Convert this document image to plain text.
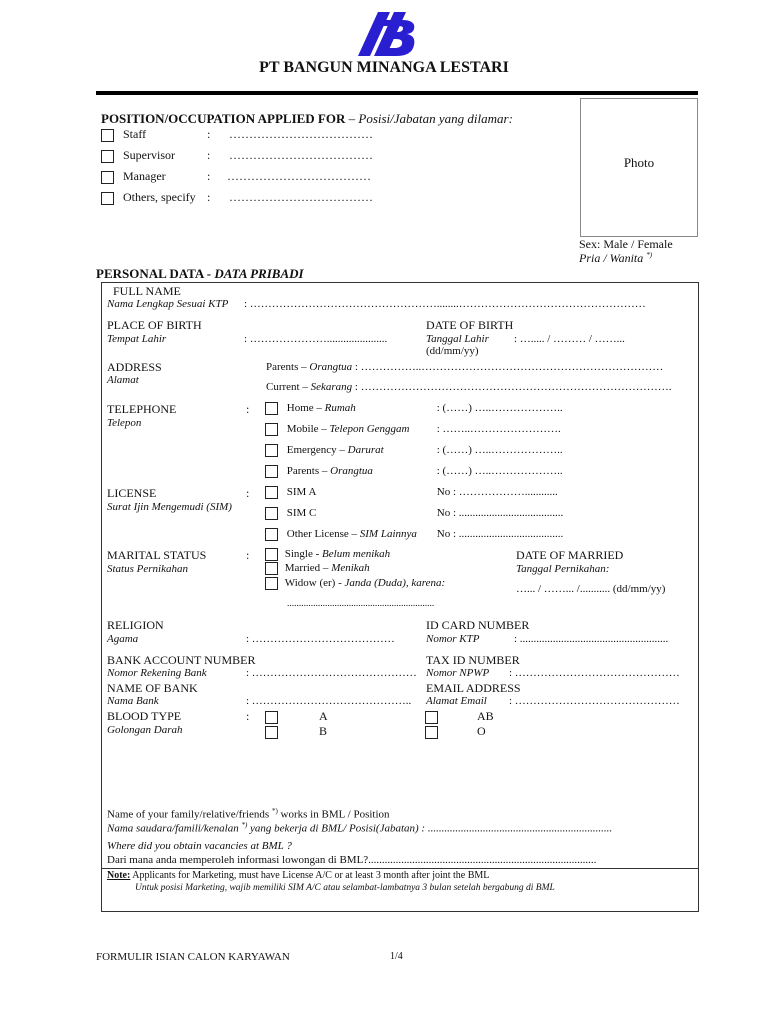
PT BANGUN MINANGA LESTARI
POSITION/OCCUPATION APPLIED FOR – Posisi/Jabatan yang dilamar:
Staff	: ………………………………
Supervisor	: ………………………………
Manager	: ………………………………
Others, specify : ………………………………
Photo
Sex: Male / Female
Pria / Wanita *)
PERSONAL DATA - DATA PRIBADI
FULL NAME
Nama Lengkap Sesuai KTP : ……………………………………………........……………………………………………
PLACE OF BIRTH
Tempat Lahir	: …………………......................
DATE OF BIRTH
Tanggal Lahir : …..... / ……… / ……...
(dd/mm/yy)
ADDRESS
Alamat
Parents – Orangtua : ……………..…………………………………………………………
Current – Sekarang : ………………………………………………………………………….
TELEPHONE
Telepon
:	Home – Rumah	: (……) …..………………..
Mobile – Telepon Genggam : ……..…………………….
Emergency – Darurat	: (……) …..………………..
Parents – Orangtua	: (……) …..………………..
LICENSE
Surat Ijin Mengemudi (SIM)
:	SIM A	No : ………………............
SIM C	No : ......................................
Other License – SIM Lainnya No : ......................................
MARITAL STATUS
Status Pernikahan
:	Single - Belum menikah
Married – Menikah
Widow (er) - Janda (Duda), karena:
..............................................................
DATE OF MARRIED
Tanggal Pernikahan:
…... / ……... /........... (dd/mm/yy)
RELIGION
Agama	: …………………………………
ID CARD NUMBER
Nomor KTP	: ......................................................
BANK ACCOUNT NUMBER
Nomor Rekening Bank	: ………………………………………
TAX ID NUMBER
Nomor NPWP : ………………………………………
NAME OF BANK
Nama Bank	: ……………………………………..
EMAIL ADDRESS
Alamat Email : ………………………………………
BLOOD TYPE
Golongan Darah
:	A
B
AB
O
Name of your family/relative/friends *) works in BML / Position
Nama saudara/famili/kenalan *) yang bekerja di BML/ Posisi(Jabatan) : ...................................................................
Where did you obtain vacancies at BML ?
Dari mana anda memperoleh informasi lowongan di BML?...................................................................................
Note: Applicants for Marketing, must have License A/C or at least 3 month after joint the BML
Untuk posisi Marketing, wajib memiliki SIM A/C atau selambat-lambatnya 3 bulan setelah bergabung di BML
FORMULIR ISIAN CALON KARYAWAN	1/4
